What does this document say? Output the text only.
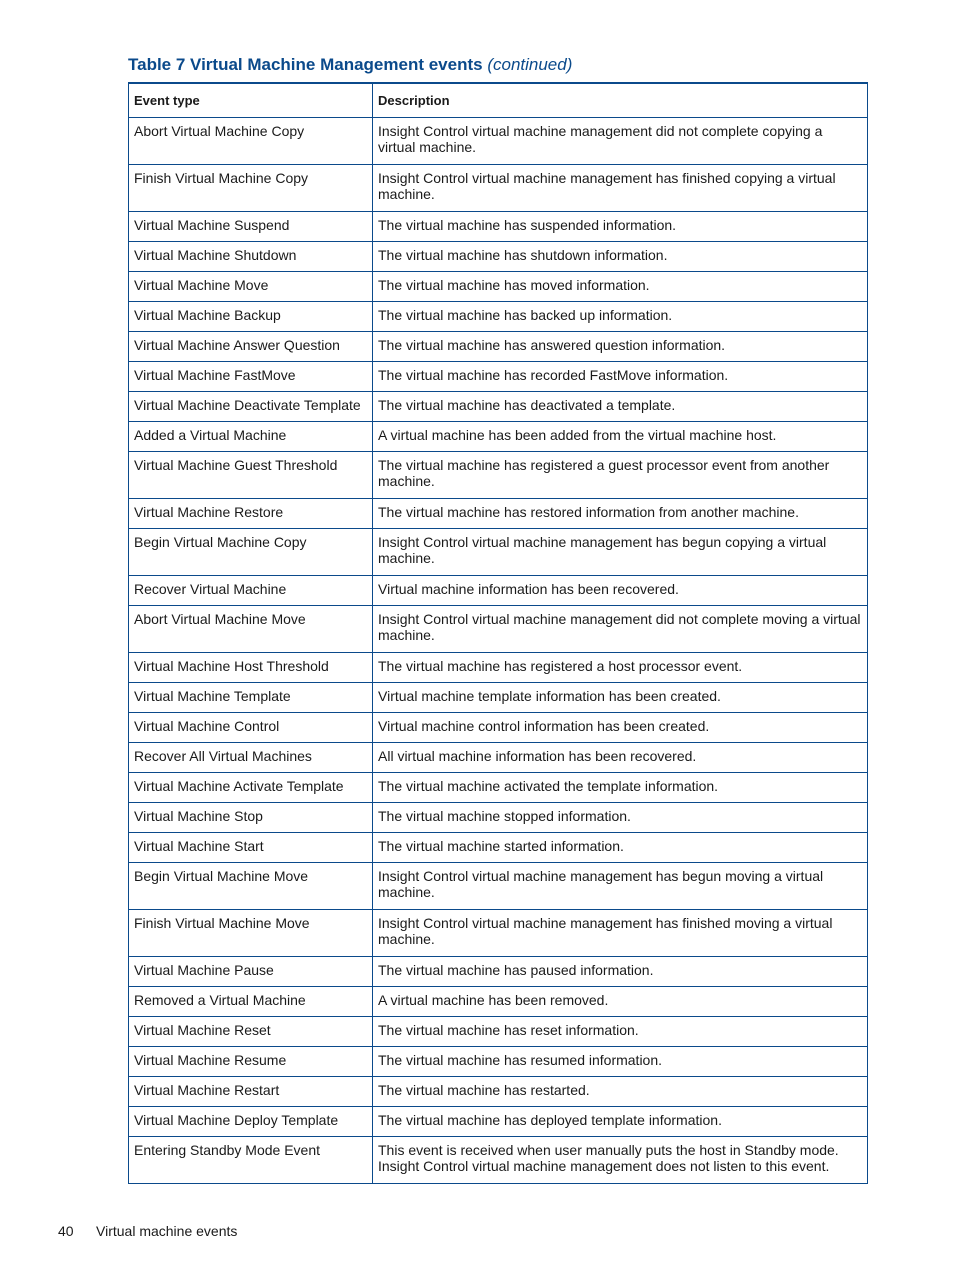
Table 7 Virtual Machine Management events (continued)
Event type	Description
Abort Virtual Machine Copy	Insight Control virtual machine management did not complete copying a virtual machine.
Finish Virtual Machine Copy	Insight Control virtual machine management has finished copying a virtual machine.
Virtual Machine Suspend	The virtual machine has suspended information.
Virtual Machine Shutdown	The virtual machine has shutdown information.
Virtual Machine Move	The virtual machine has moved information.
Virtual Machine Backup	The virtual machine has backed up information.
Virtual Machine Answer Question	The virtual machine has answered question information.
Virtual Machine FastMove	The virtual machine has recorded FastMove information.
Virtual Machine Deactivate Template	The virtual machine has deactivated a template.
Added a Virtual Machine	A virtual machine has been added from the virtual machine host.
Virtual Machine Guest Threshold	The virtual machine has registered a guest processor event from another machine.
Virtual Machine Restore	The virtual machine has restored information from another machine.
Begin Virtual Machine Copy	Insight Control virtual machine management has begun copying a virtual machine.
Recover Virtual Machine	Virtual machine information has been recovered.
Abort Virtual Machine Move	Insight Control virtual machine management did not complete moving a virtual machine.
Virtual Machine Host Threshold	The virtual machine has registered a host processor event.
Virtual Machine Template	Virtual machine template information has been created.
Virtual Machine Control	Virtual machine control information has been created.
Recover All Virtual Machines	All virtual machine information has been recovered.
Virtual Machine Activate Template	The virtual machine activated the template information.
Virtual Machine Stop	The virtual machine stopped information.
Virtual Machine Start	The virtual machine started information.
Begin Virtual Machine Move	Insight Control virtual machine management has begun moving a virtual machine.
Finish Virtual Machine Move	Insight Control virtual machine management has finished moving a virtual machine.
Virtual Machine Pause	The virtual machine has paused information.
Removed a Virtual Machine	A virtual machine has been removed.
Virtual Machine Reset	The virtual machine has reset information.
Virtual Machine Resume	The virtual machine has resumed information.
Virtual Machine Restart	The virtual machine has restarted.
Virtual Machine Deploy Template	The virtual machine has deployed template information.
Entering Standby Mode Event	This event is received when user manually puts the host in Standby mode. Insight Control virtual machine management does not listen to this event.
40 Virtual machine events
